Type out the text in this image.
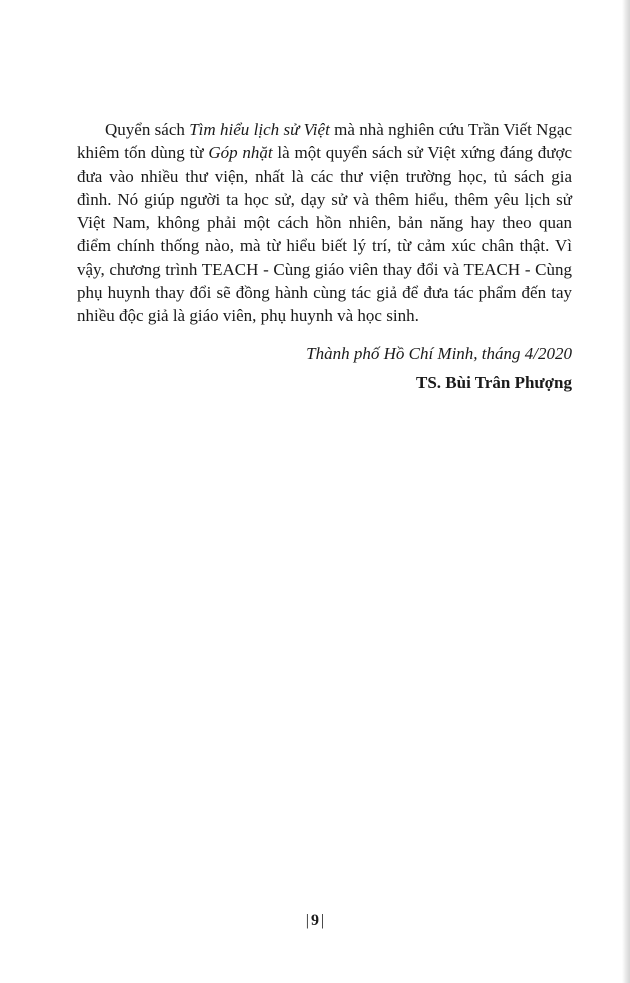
Quyển sách Tìm hiểu lịch sử Việt mà nhà nghiên cứu Trần Viết Ngạc khiêm tốn dùng từ Góp nhặt là một quyển sách sử Việt xứng đáng được đưa vào nhiều thư viện, nhất là các thư viện trường học, tủ sách gia đình. Nó giúp người ta học sử, dạy sử và thêm hiểu, thêm yêu lịch sử Việt Nam, không phải một cách hồn nhiên, bản năng hay theo quan điểm chính thống nào, mà từ hiểu biết lý trí, từ cảm xúc chân thật. Vì vậy, chương trình TEACH - Cùng giáo viên thay đổi và TEACH - Cùng phụ huynh thay đổi sẽ đồng hành cùng tác giả để đưa tác phẩm đến tay nhiều độc giả là giáo viên, phụ huynh và học sinh.

Thành phố Hồ Chí Minh, tháng 4/2020

TS. Bùi Trân Phượng

| 9 |
